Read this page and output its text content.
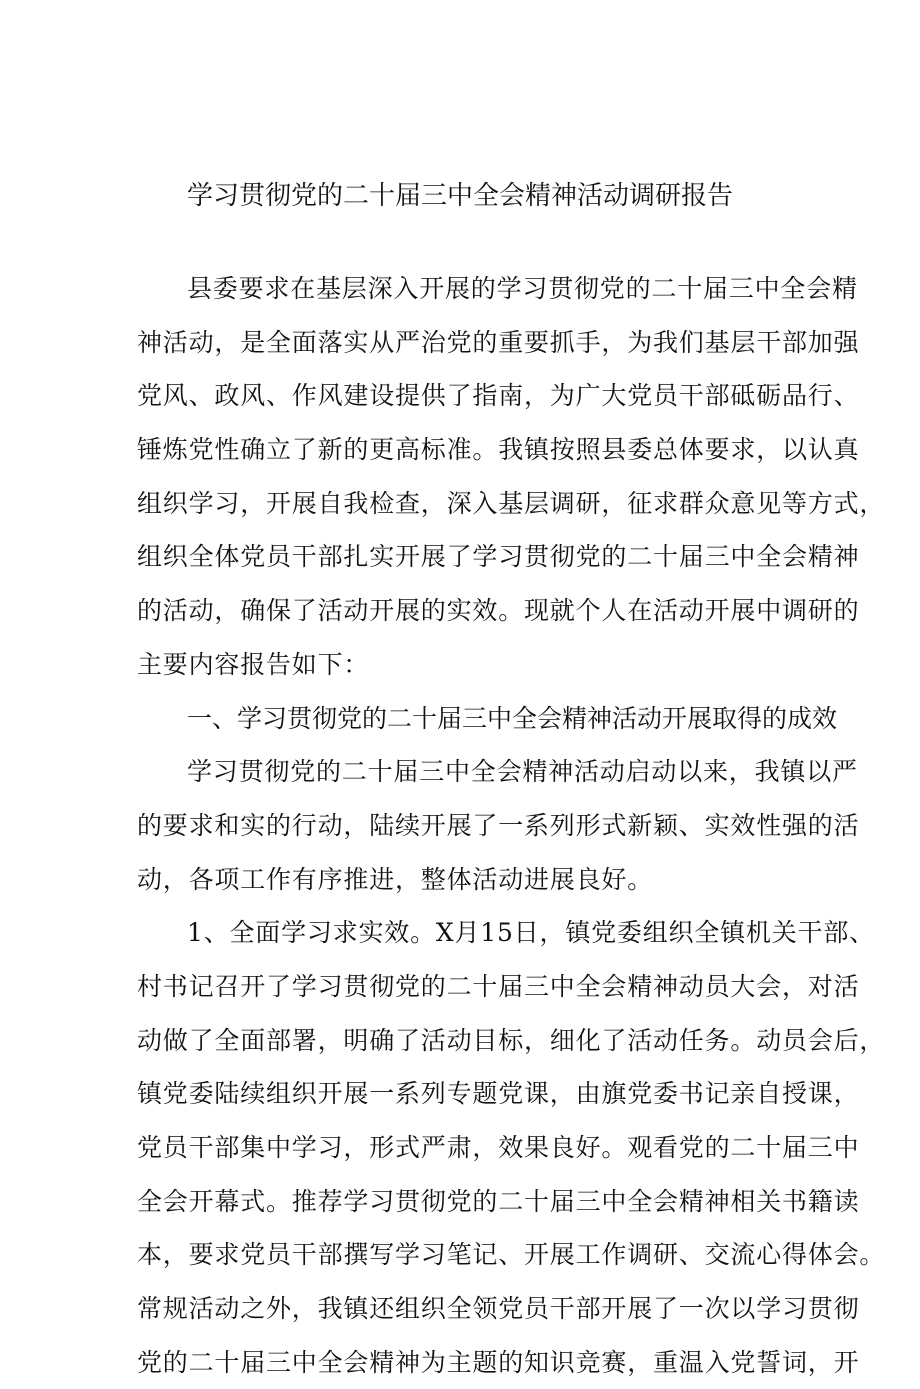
学习贯彻党的二十届三中全会精神活动调研报告
县委要求在基层深入开展的学习贯彻党的二十届三中全会精
神活动，是全面落实从严治党的重要抓手，为我们基层干部加强
党风、政风、作风建设提供了指南，为广大党员干部砥砺品行、
锤炼党性确立了新的更高标准。我镇按照县委总体要求，以认真
组织学习，开展自我检查，深入基层调研，征求群众意见等方式，
组织全体党员干部扎实开展了学习贯彻党的二十届三中全会精神
的活动，确保了活动开展的实效。现就个人在活动开展中调研的
主要内容报告如下：
一、学习贯彻党的二十届三中全会精神活动开展取得的成效
学习贯彻党的二十届三中全会精神活动启动以来，我镇以严
的要求和实的行动，陆续开展了一系列形式新颖、实效性强的活
动，各项工作有序推进，整体活动进展良好。
1、全面学习求实效。X月15日，镇党委组织全镇机关干部、
村书记召开了学习贯彻党的二十届三中全会精神动员大会，对活
动做了全面部署，明确了活动目标，细化了活动任务。动员会后，
镇党委陆续组织开展一系列专题党课，由旗党委书记亲自授课，
党员干部集中学习，形式严肃，效果良好。观看党的二十届三中
全会开幕式。推荐学习贯彻党的二十届三中全会精神相关书籍读
本，要求党员干部撰写学习笔记、开展工作调研、交流心得体会。
常规活动之外，我镇还组织全领党员干部开展了一次以学习贯彻
党的二十届三中全会精神为主题的知识竞赛，重温入党誓词，开
